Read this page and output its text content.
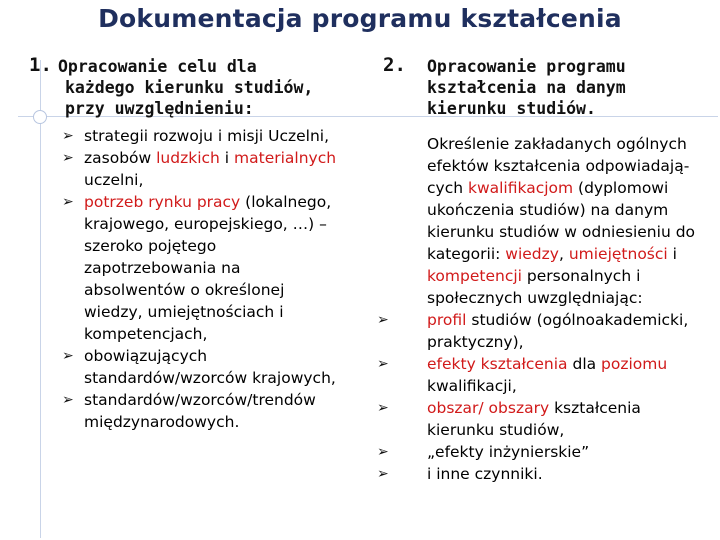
Dokumentacja programu kształcenia
1. Opracowanie celu dla
każdego kierunku studiów,
przy uwzględnieniu:
➢ strategii rozwoju i misji Uczelni,
➢ zasobów ludzkich i materialnych
uczelni,
➢ potrzeb rynku pracy (lokalnego,
krajowego, europejskiego, …) –
szeroko pojętego
zapotrzebowania na
absolwentów o określonej
wiedzy, umiejętnościach i
kompetencjach,
➢ obowiązujących
standardów/wzorców krajowych,
➢ standardów/wzorców/trendów
międzynarodowych.
2. Opracowanie programu
kształcenia na danym
kierunku studiów.
Określenie zakładanych ogólnych
efektów kształcenia odpowiadają-
cych kwalifikacjom (dyplomowi
ukończenia studiów) na danym
kierunku studiów w odniesieniu do
kategorii: wiedzy, umiejętności i
kompetencji personalnych i
społecznych uwzględniając:
profil studiów (ogólnoakademicki,
praktyczny),
efekty kształcenia dla poziomu
kwalifikacji,
obszar/ obszary kształcenia
kierunku studiów,
„efekty inżynierskie”
i inne czynniki.
➢
➢
➢
➢
➢
